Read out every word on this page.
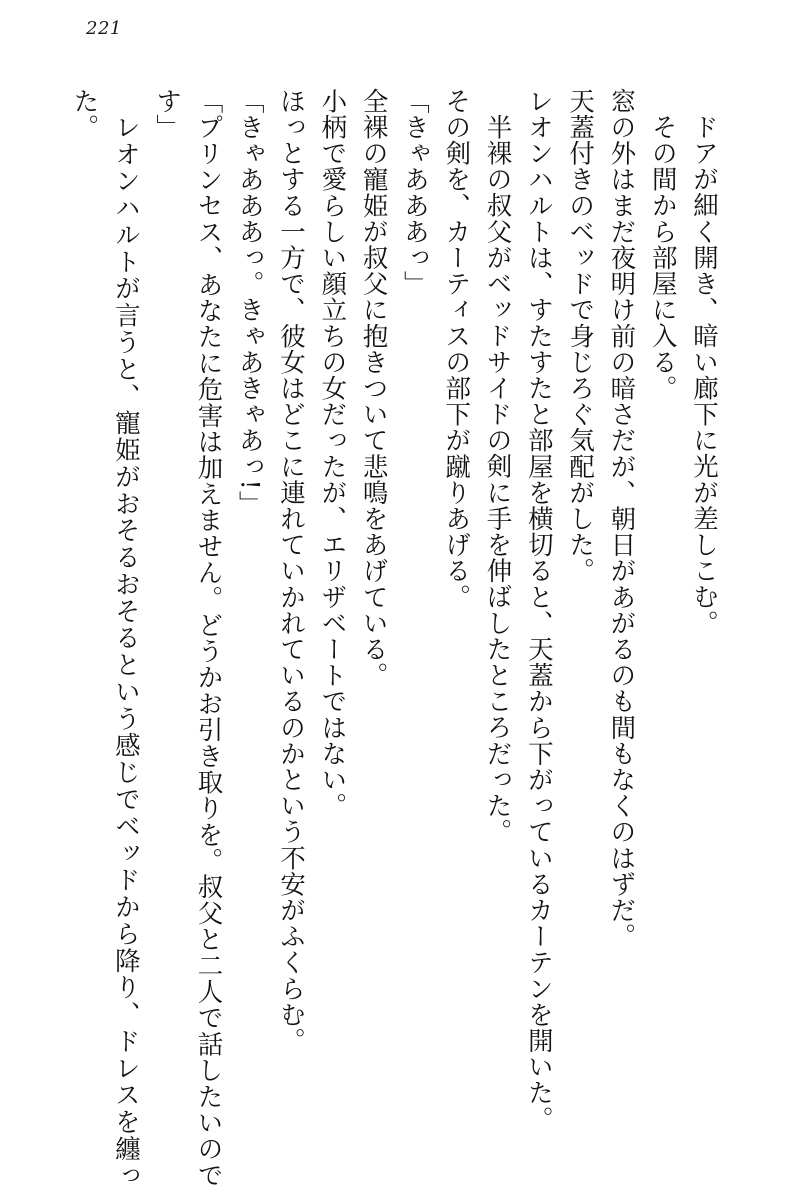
221

ドアが細く開き、暗い廊下に光が差しこむ。

その間から部屋に入る。

窓の外はまだ夜明け前の暗さだが、朝日があがるのも間もなくのはずだ。

天蓋付きのベッドで身じろぐ気配がした。

レオンハルトは、すたすたと部屋を横切ると、天蓋から下がっているカーテンを開いた。

半裸の叔父がベッドサイドの剣に手を伸ばしたところだった。

その剣を、カーティスの部下が蹴りあげる。

「きゃあああっ」

全裸の寵姫が叔父に抱きついて悲鳴をあげている。

小柄で愛らしい顔立ちの女だったが、エリザベートではない。

ほっとする一方で、彼女はどこに連れていかれているのかという不安がふくらむ。

「きゃあああっ。きゃあきゃあっ!」

「プリンセス、あなたに危害は加えません。どうかお引き取りを。叔父と二人で話したいのです」

レオンハルトが言うと、寵姫がおそるおそるという感じでベッドから降り、ドレスを纏った。
